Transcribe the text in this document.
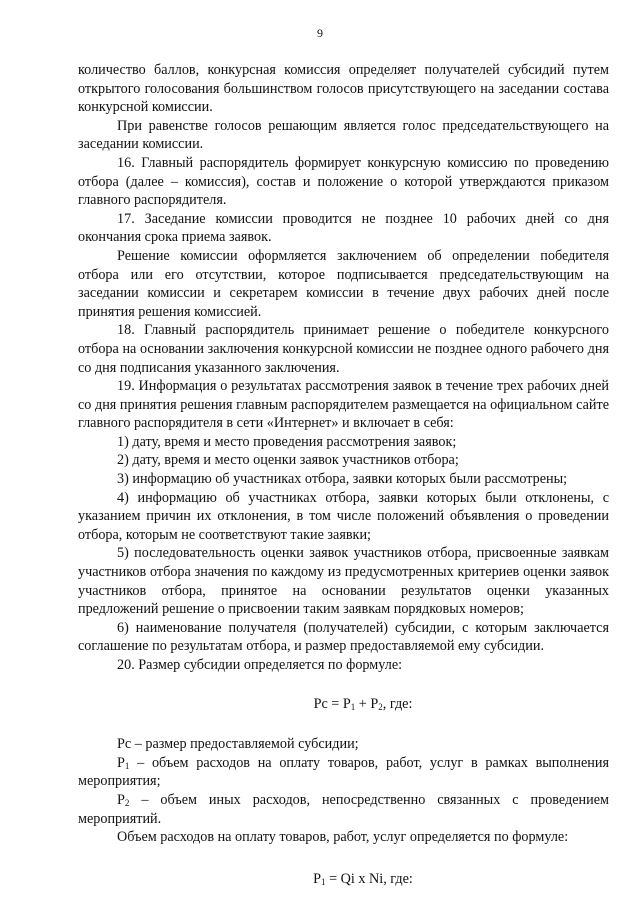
9

количество баллов, конкурсная комиссия определяет получателей субсидий путем открытого голосования большинством голосов присутствующего на заседании состава конкурсной комиссии.

При равенстве голосов решающим является голос председательствующего на заседании комиссии.

16. Главный распорядитель формирует конкурсную комиссию по проведению отбора (далее – комиссия), состав и положение о которой утверждаются приказом главного распорядителя.

17. Заседание комиссии проводится не позднее 10 рабочих дней со дня окончания срока приема заявок.

Решение комиссии оформляется заключением об определении победителя отбора или его отсутствии, которое подписывается председательствующим на заседании комиссии и секретарем комиссии в течение двух рабочих дней после принятия решения комиссией.

18. Главный распорядитель принимает решение о победителе конкурсного отбора на основании заключения конкурсной комиссии не позднее одного рабочего дня со дня подписания указанного заключения.

19. Информация о результатах рассмотрения заявок в течение трех рабочих дней со дня принятия решения главным распорядителем размещается на официальном сайте главного распорядителя в сети «Интернет» и включает в себя:

1) дату, время и место проведения рассмотрения заявок;

2) дату, время и место оценки заявок участников отбора;

3) информацию об участниках отбора, заявки которых были рассмотрены;

4) информацию об участниках отбора, заявки которых были отклонены, с указанием причин их отклонения, в том числе положений объявления о проведении отбора, которым не соответствуют такие заявки;

5) последовательность оценки заявок участников отбора, присвоенные заявкам участников отбора значения по каждому из предусмотренных критериев оценки заявок участников отбора, принятое на основании результатов оценки указанных предложений решение о присвоении таким заявкам порядковых номеров;

6) наименование получателя (получателей) субсидии, с которым заключается соглашение по результатам отбора, и размер предоставляемой ему субсидии.

20. Размер субсидии определяется по формуле:

Рс = $Р_1 + Р_2$, где:

Рс – размер предоставляемой субсидии;

$Р_1$ – объем расходов на оплату товаров, работ, услуг в рамках выполнения мероприятия;

$Р_2$ – объем иных расходов, непосредственно связанных с проведением мероприятий.

Объем расходов на оплату товаров, работ, услуг определяется по формуле:

$Р_1 = Qi$ x Ni, где:
